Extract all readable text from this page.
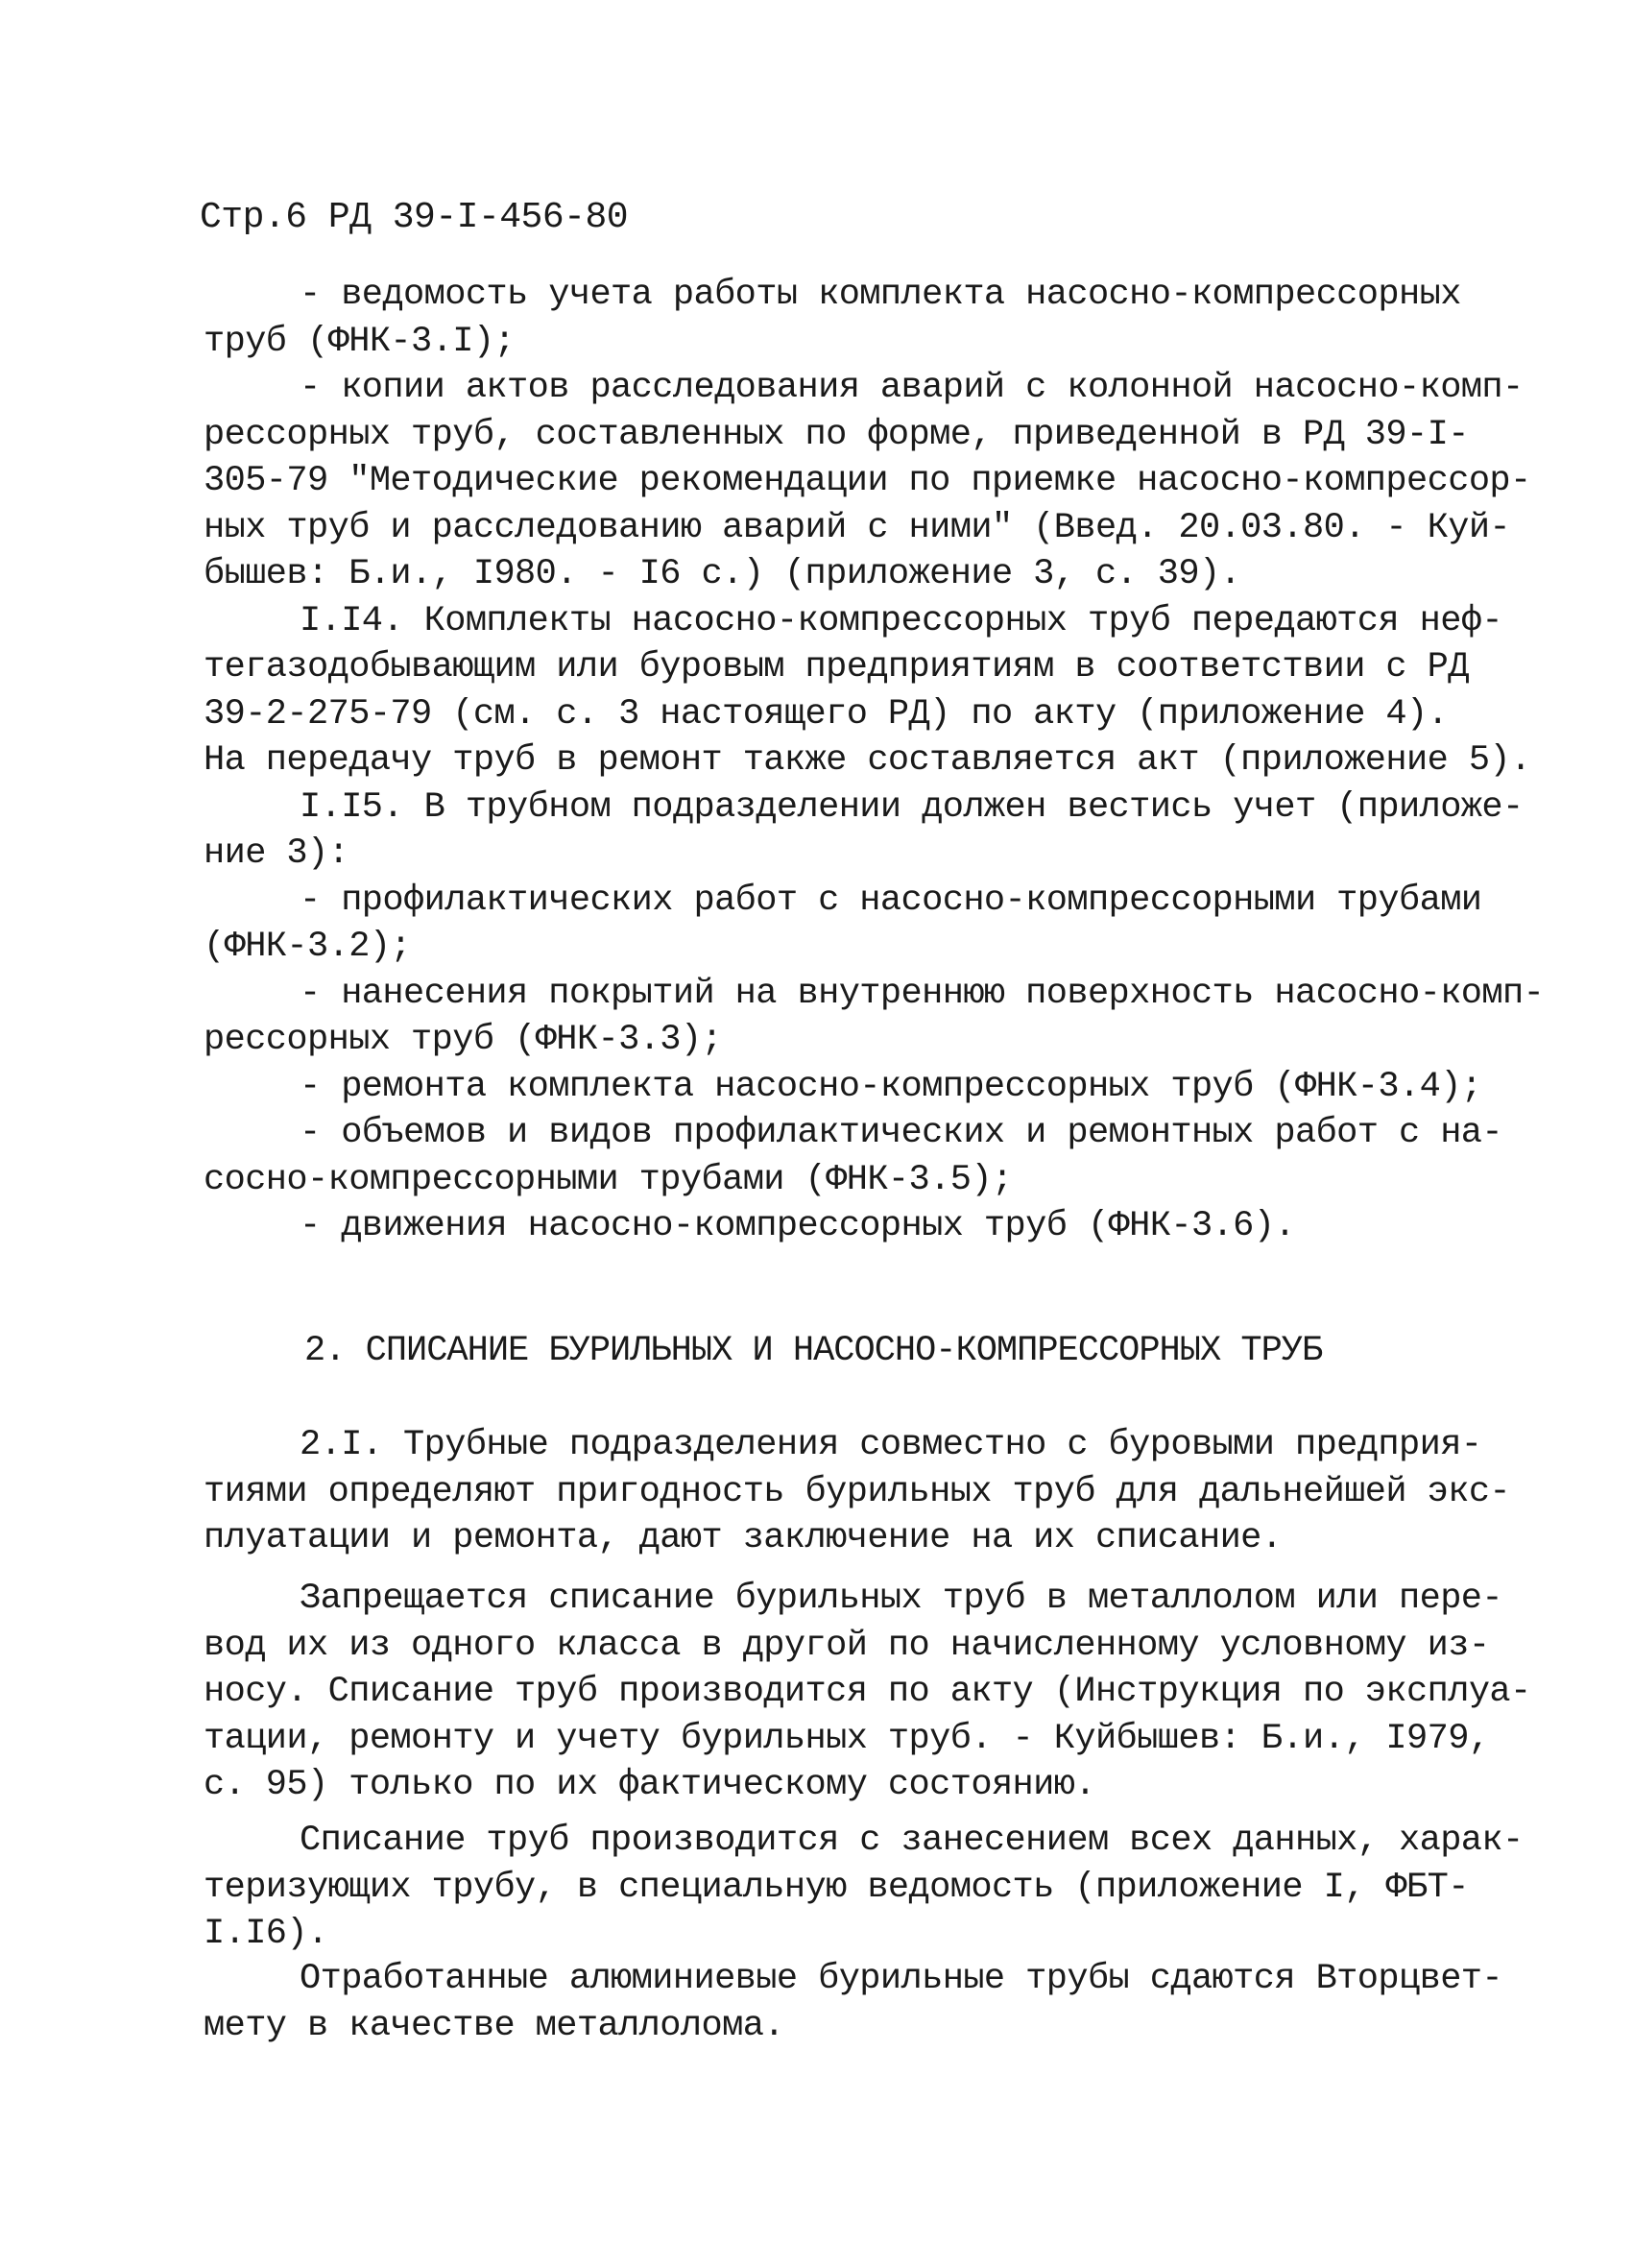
Стр.6 РД 39-I-456-80
- ведомость учета работы комплекта насосно-компрессорных
труб (ФНК-3.I);
- копии актов расследования аварий с колонной насосно-комп-
рессорных труб, составленных по форме, приведенной в РД 39-I-
305-79 "Методические рекомендации по приемке насосно-компрессор-
ных труб и расследованию аварий с ними" (Введ. 20.03.80. - Куй-
бышев: Б.и., I980. - I6 с.) (приложение 3, с. 39).
I.I4. Комплекты насосно-компрессорных труб передаются неф-
тегазодобывающим или буровым предприятиям в соответствии с РД
39-2-275-79 (см. с. 3 настоящего РД) по акту (приложение 4).
На передачу труб в ремонт также составляется акт (приложение 5).
I.I5. В трубном подразделении должен вестись учет (приложе-
ние 3):
- профилактических работ с насосно-компрессорными трубами
(ФНК-3.2);
- нанесения покрытий на внутреннюю поверхность насосно-комп-
рессорных труб (ФНК-3.3);
- ремонта комплекта насосно-компрессорных труб (ФНК-3.4);
- объемов и видов профилактических и ремонтных работ с на-
сосно-компрессорными трубами (ФНК-3.5);
- движения насосно-компрессорных труб (ФНК-3.6).
2. СПИСАНИЕ БУРИЛЬНЫХ И НАСОСНО-КОМПРЕССОРНЫХ ТРУБ
2.I. Трубные подразделения совместно с буровыми предприя-
тиями определяют пригодность бурильных труб для дальнейшей экс-
плуатации и ремонта, дают заключение на их списание.
Запрещается списание бурильных труб в металлолом или пере-
вод их из одного класса в другой по начисленному условному из-
носу. Списание труб производится по акту (Инструкция по эксплуа-
тации, ремонту и учету бурильных труб. - Куйбышев: Б.и., I979,
с. 95) только по их фактическому состоянию.
Списание труб производится с занесением всех данных, харак-
теризующих трубу, в специальную ведомость (приложение I, ФБТ-
I.I6).
Отработанные алюминиевые бурильные трубы сдаются Вторцвет-
мету в качестве металлолома.
